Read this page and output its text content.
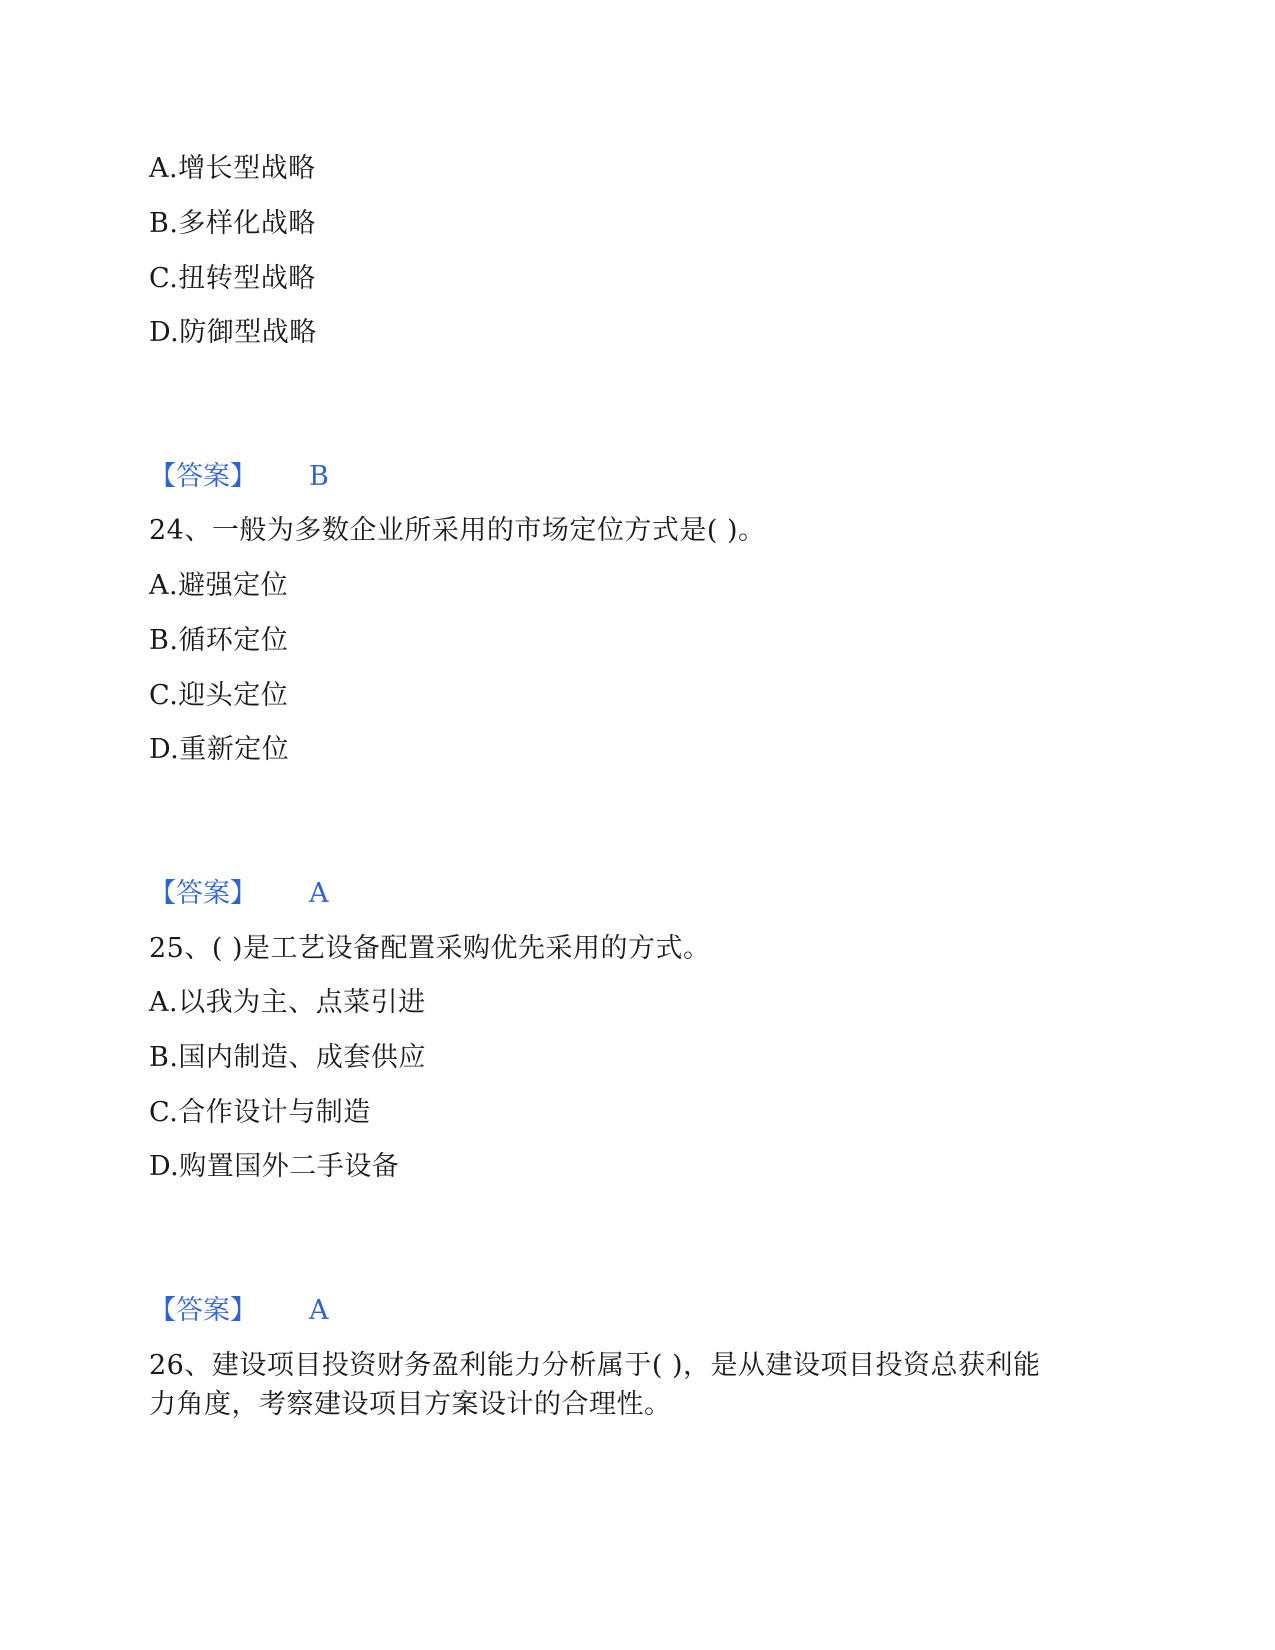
A.增长型战略
B.多样化战略
C.扭转型战略
D.防御型战略
【答案】 B
24、一般为多数企业所采用的市场定位方式是( )。
A.避强定位
B.循环定位
C.迎头定位
D.重新定位
【答案】 A
25、( )是工艺设备配置采购优先采用的方式。
A.以我为主、点菜引进
B.国内制造、成套供应
C.合作设计与制造
D.购置国外二手设备
【答案】 A
26、建设项目投资财务盈利能力分析属于( )，是从建设项目投资总获利能
力角度，考察建设项目方案设计的合理性。
